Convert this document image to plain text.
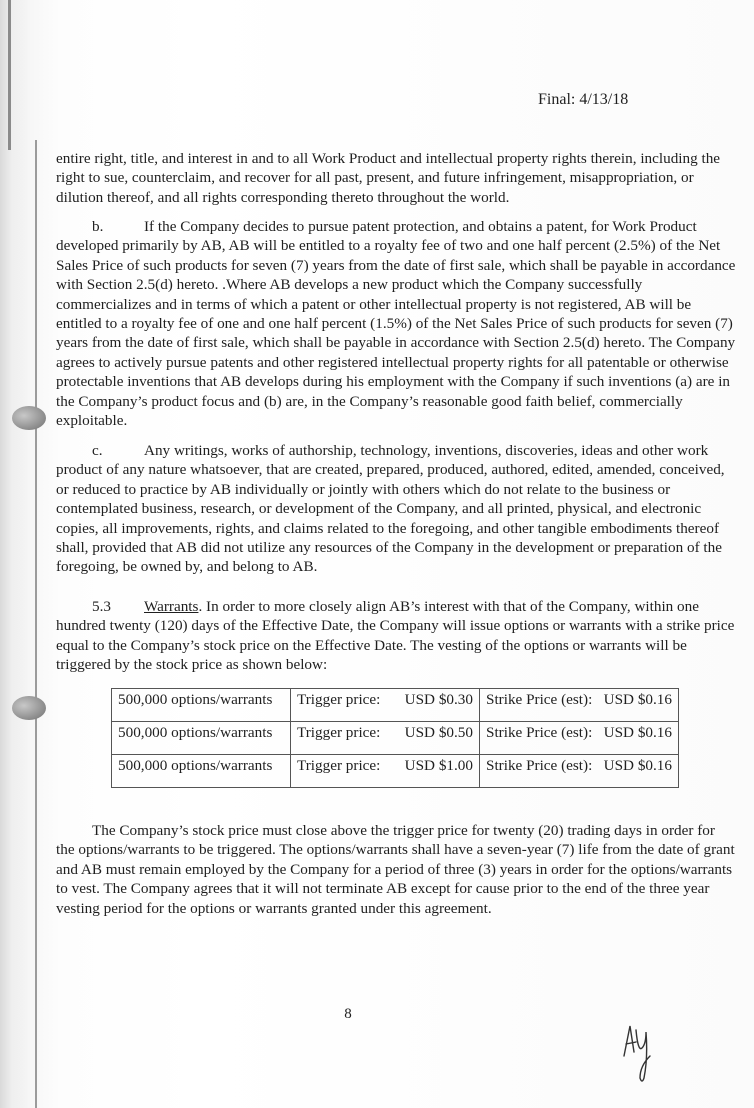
Final: 4/13/18
entire right, title, and interest in and to all Work Product and intellectual property rights therein, including the right to sue, counterclaim, and recover for all past, present, and future infringement, misappropriation, or dilution thereof, and all rights corresponding thereto throughout the world.
b.	If the Company decides to pursue patent protection, and obtains a patent, for Work Product developed primarily by AB, AB will be entitled to a royalty fee of two and one half percent (2.5%) of the Net Sales Price of such products for seven (7) years from the date of first sale, which shall be payable in accordance with Section 2.5(d) hereto. .Where AB develops a new product which the Company successfully commercializes and in terms of which a patent or other intellectual property is not registered, AB will be entitled to a royalty fee of one and one half percent (1.5%) of the Net Sales Price of such products for seven (7) years from the date of first sale, which shall be payable in accordance with Section 2.5(d) hereto. The Company agrees to actively pursue patents and other registered intellectual property rights for all patentable or otherwise protectable inventions that AB develops during his employment with the Company if such inventions (a) are in the Company’s product focus and (b) are, in the Company’s reasonable good faith belief, commercially exploitable.
c.	Any writings, works of authorship, technology, inventions, discoveries, ideas and other work product of any nature whatsoever, that are created, prepared, produced, authored, edited, amended, conceived, or reduced to practice by AB individually or jointly with others which do not relate to the business or contemplated business, research, or development of the Company, and all printed, physical, and electronic copies, all improvements, rights, and claims related to the foregoing, and other tangible embodiments thereof shall, provided that AB did not utilize any resources of the Company in the development or preparation of the foregoing, be owned by, and belong to AB.
5.3 Warrants. In order to more closely align AB’s interest with that of the Company, within one hundred twenty (120) days of the Effective Date, the Company will issue options or warrants with a strike price equal to the Company’s stock price on the Effective Date. The vesting of the options or warrants will be triggered by the stock price as shown below:
500,000 options/warrants	Trigger price: USD $0.30	Strike Price (est): USD $0.16

500,000 options/warrants	Trigger price: USD $0.50	Strike Price (est): USD $0.16

500,000 options/warrants	Trigger price: USD $1.00	Strike Price (est): USD $0.16
The Company’s stock price must close above the trigger price for twenty (20) trading days in order for the options/warrants to be triggered. The options/warrants shall have a seven-year (7) life from the date of grant and AB must remain employed by the Company for a period of three (3) years in order for the options/warrants to vest. The Company agrees that it will not terminate AB except for cause prior to the end of the three year vesting period for the options or warrants granted under this agreement.
8
